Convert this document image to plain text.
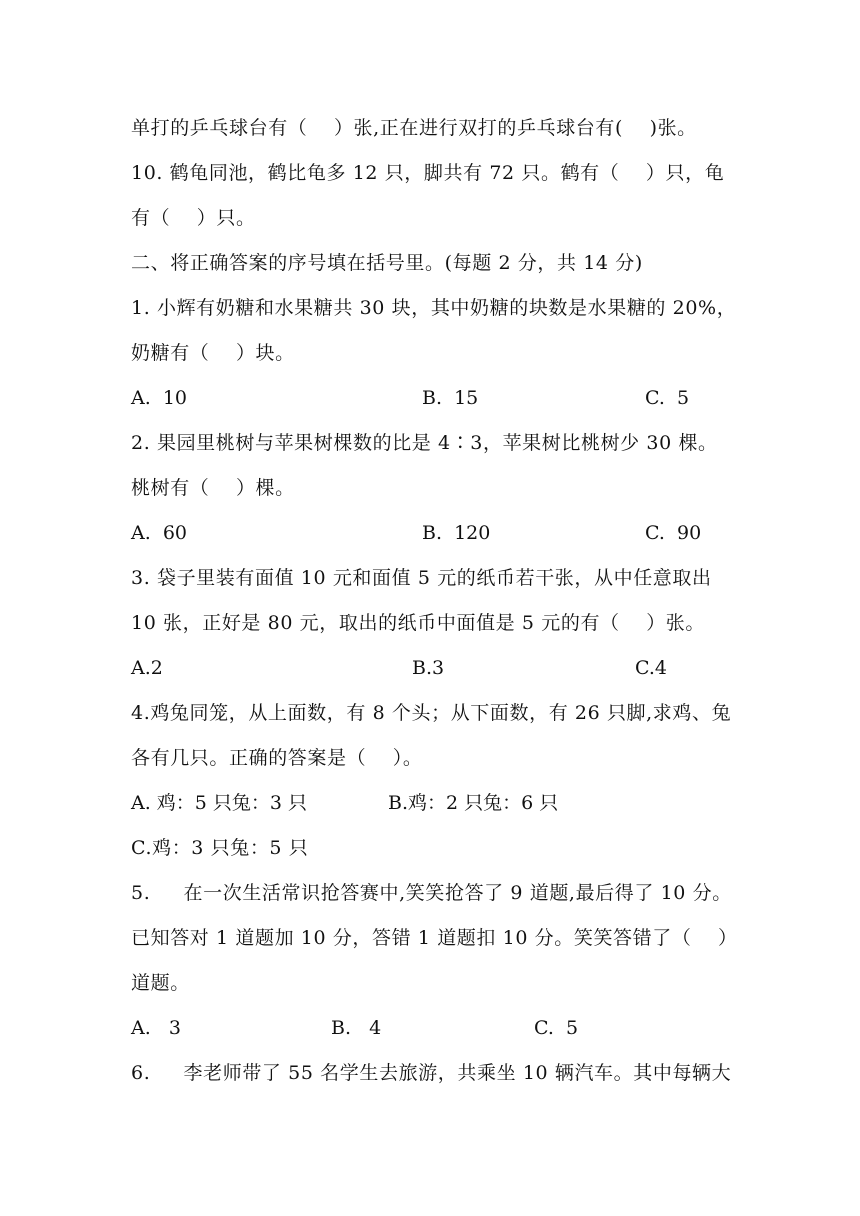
单打的乒乓球台有（    ）张,正在进行双打的乒乓球台有(    )张。
10. 鹤龟同池，鹤比龟多 12 只，脚共有 72 只。鹤有（    ）只，龟
有（    ）只。
二、将正确答案的序号填在括号里。(每题 2 分，共 14 分)
1. 小辉有奶糖和水果糖共 30 块，其中奶糖的块数是水果糖的 20%，
奶糖有（    ）块。
A.  10	B.  15	C.  5
2. 果园里桃树与苹果树棵数的比是 4∶3，苹果树比桃树少 30 棵。
桃树有（    ）棵。
A.  60	B.  120	C.  90
3. 袋子里装有面值 10 元和面值 5 元的纸币若干张，从中任意取出
10 张，正好是 80 元，取出的纸币中面值是 5 元的有（    ）张。
A.2	B.3	C.4
4.鸡兔同笼，从上面数，有 8 个头；从下面数，有 26 只脚,求鸡、兔
各有几只。正确的答案是（    ）。
A. 鸡：5 只兔：3 只	B.鸡：2 只兔：6 只
C.鸡：3 只兔：5 只
5.     在一次生活常识抢答赛中,笑笑抢答了 9 道题,最后得了 10 分。
已知答对 1 道题加 10 分，答错 1 道题扣 10 分。笑笑答错了（    ）
道题。
A.   3	B.   4	C.  5
6.     李老师带了 55 名学生去旅游，共乘坐 10 辆汽车。其中每辆大
